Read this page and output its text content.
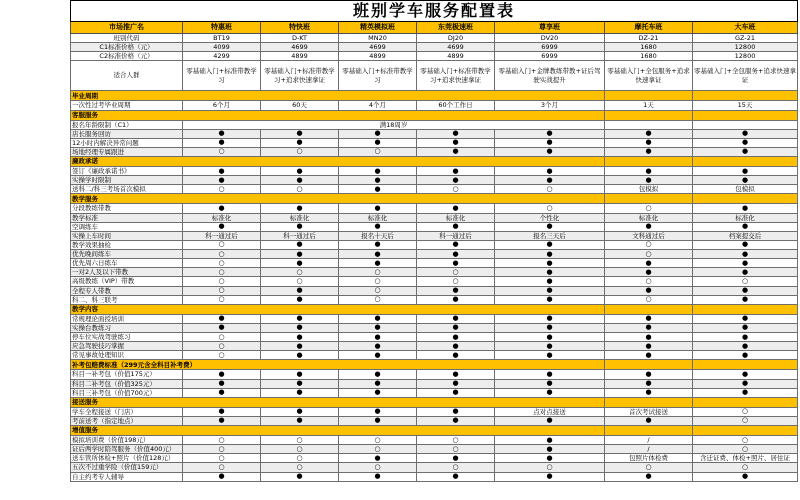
班别学车服务配置表							
市场推广名	特惠班	特快班	精英模拟班	东莞极速班	尊享班	摩托车班	大车班
班别代码	BT19	D-KT	MN20	DJ20	DV20	DZ-21	GZ-21
C1标准价格（元）	4099	4699	4699	4699	6999	1680	12800
C2标准价格（元）	4299	4899	4899	4899	6999	1680	12800
适合人群	零基础入门+标准带教学习	零基础入门+标准带教学习+追求快速拿证	零基础入门+标准带教学习	零基础入门+标准带教学习+追求快速拿证	零基础入门+金牌教练带教+证后驾驶实战提升	零基础入门+全包服务+追求快速拿证	零基础入门+全包服务+追求快速拿证
毕业周期							
一次性过考毕业周期	6个月	60天	4个月	60个工作日	3个月	1天	15天
客服服务							
报名年龄限制（C1）	满18周岁						
店长服务回访	●	●	●	●	●	●	●
12小时内解决异常问题	●	●	●	●	●	●	●
场地经理专属跟进	○	○	○	●	●	●	●
廉政承诺							
签订《廉政承诺书》	●	●	●	●	●	●	●
实操学时限制	●	●	●	●	●	●	●
送科二/科三考场首次模拟	○	○	●	○	○	包模拟	包模拟
教学服务							
分段教练带教	●	●	●	●	○	○	●
教学标准	标准化	标准化	标准化	标准化	个性化	标准化	标准化
空调练车	●	●	●	●	●	●	●
实操上车时间	科一通过后	科一通过后	报名十天后	科一通过后	报名三天后	文科通过后	档案提交后
教学效果抽检	○	●	●	●	●	○	●
优先晚间练车	○	●	●	●	●	○	●
优先周六日练车	○	●	●	●	●	●	●
一对2人及以下带教	○	○	○	○	●	●	●
高级教练（VIP）带教	○	○	○	○	●	○	○
全程专人带教	○	●	○	●	●	●	●
科二、科三联考	○	●	○	●	●	○	●
教学内容							
常规理论面授培训	●	●	●	●	●	●	●
实操台教练习	●	●	●	●	●	●	●
停车位实战驾驶练习	○	●	●	●	●	●	●
应急驾驶技巧掌握	○	●	●	●	●	●	●
常见事故处理知识	○	●	●	●	●	●	●
补考包赔费标准（299元含全科目补考费）							
科目一补考包（价值175元）	●	●	●	●	●	●	●
科目二补考包（价值325元）	●	●	●	●	●	●	●
科目三补考包（价值700元）	●	●	●	●	●	●	●
接送服务							
学车全程接送（门店）	●	●	●	●	点对点接送	首次考试接送	○
考前送考（指定地点）	●	●	●	●	●	●	○
增值服务							
模拟培训费（价值198元）	○	○	○	○	●	/	○
证后两学时陪驾服务（价值400元）	○	○	○	○	●	/	○
送车管所体检+照片（价值128元）	○	○	●	●	●	包照片体检费	含迁证费、体检+照片、居住证
五次不过重学险（价值159元）	○	○	○	○	○	○	○
自主约考专人辅导	●	●	●	●	●	●	●
